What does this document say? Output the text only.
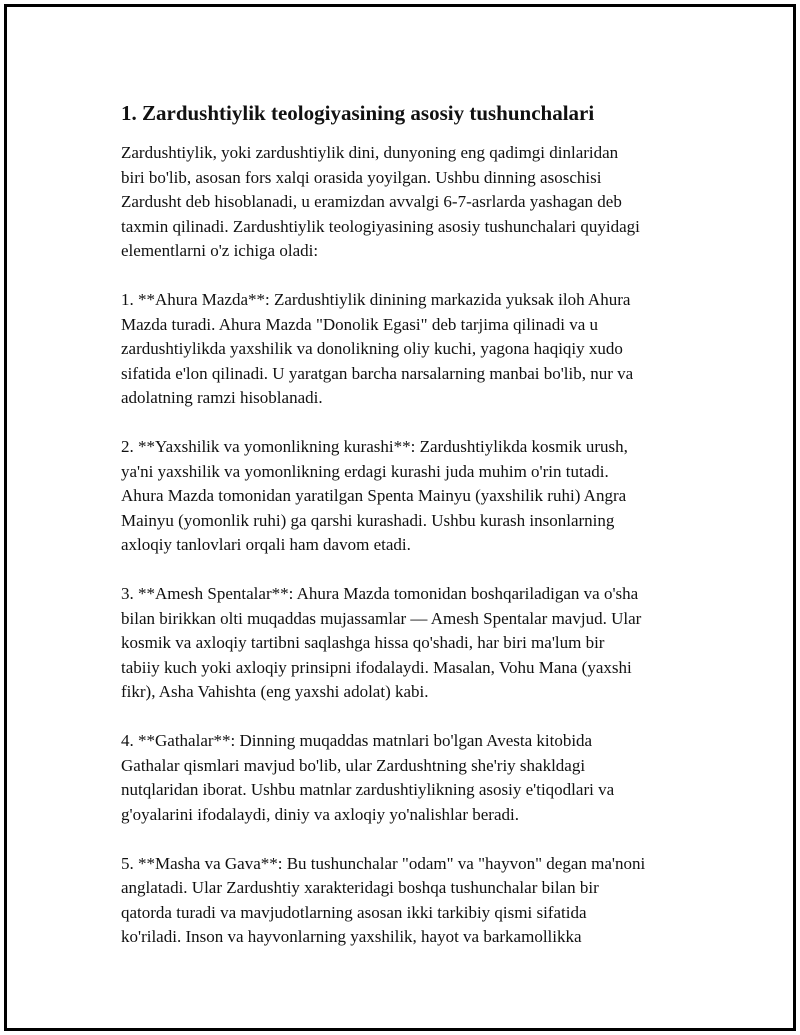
1. Zardushtiylik teologiyasining asosiy tushunchalari

Zardushtiylik, yoki zardushtiylik dini, dunyoning eng qadimgi dinlaridan
biri bo'lib, asosan fors xalqi orasida yoyilgan. Ushbu dinning asoschisi
Zardusht deb hisoblanadi, u eramizdan avvalgi 6-7-asrlarda yashagan deb
taxmin qilinadi. Zardushtiylik teologiyasining asosiy tushunchalari quyidagi
elementlarni o'z ichiga oladi:

1. **Ahura Mazda**: Zardushtiylik dinining markazida yuksak iloh Ahura
Mazda turadi. Ahura Mazda "Donolik Egasi" deb tarjima qilinadi va u
zardushtiylikda yaxshilik va donolikning oliy kuchi, yagona haqiqiy xudo
sifatida e'lon qilinadi. U yaratgan barcha narsalarning manbai bo'lib, nur va
adolatning ramzi hisoblanadi.

2. **Yaxshilik va yomonlikning kurashi**: Zardushtiylikda kosmik urush,
ya'ni yaxshilik va yomonlikning erdagi kurashi juda muhim o'rin tutadi.
Ahura Mazda tomonidan yaratilgan Spenta Mainyu (yaxshilik ruhi) Angra
Mainyu (yomonlik ruhi) ga qarshi kurashadi. Ushbu kurash insonlarning
axloqiy tanlovlari orqali ham davom etadi.

3. **Amesh Spentalar**: Ahura Mazda tomonidan boshqariladigan va o'sha
bilan birikkan olti muqaddas mujassamlar — Amesh Spentalar mavjud. Ular
kosmik va axloqiy tartibni saqlashga hissa qo'shadi, har biri ma'lum bir
tabiiy kuch yoki axloqiy prinsipni ifodalaydi. Masalan, Vohu Mana (yaxshi
fikr), Asha Vahishta (eng yaxshi adolat) kabi.

4. **Gathalar**: Dinning muqaddas matnlari bo'lgan Avesta kitobida
Gathalar qismlari mavjud bo'lib, ular Zardushtning she'riy shakldagi
nutqlaridan iborat. Ushbu matnlar zardushtiylikning asosiy e'tiqodlari va
g'oyalarini ifodalaydi, diniy va axloqiy yo'nalishlar beradi.

5. **Masha va Gava**: Bu tushunchalar "odam" va "hayvon" degan ma'noni
anglatadi. Ular Zardushtiy xarakteridagi boshqa tushunchalar bilan bir
qatorda turadi va mavjudotlarning asosan ikki tarkibiy qismi sifatida
ko'riladi. Inson va hayvonlarning yaxshilik, hayot va barkamollikka
